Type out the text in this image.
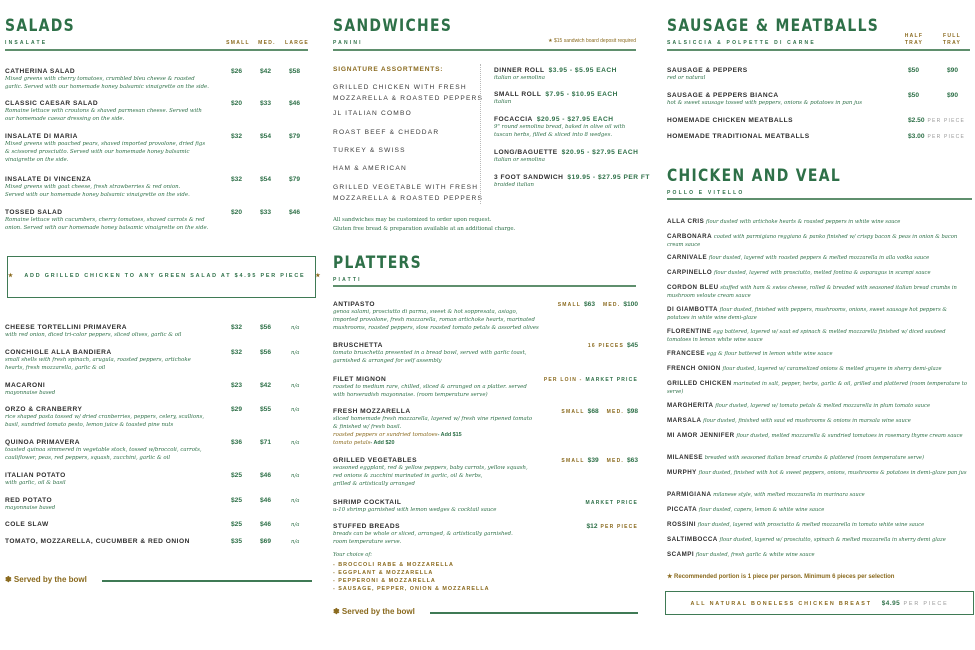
SALADS
INSALATE	SMALL MED. LARGE
CATHERINA SALAD
Mixed greens with cherry tomatoes, crumbled bleu cheese & roasted
garlic. Served with our homemade honey balsamic vinaigrette on the side.
$26	$42	$58
CLASSIC CAESAR SALAD
Romaine lettuce with croutons & shaved parmesan cheese. Served with
our homemade caesar dressing on the side.
$20	$33	$46
INSALATE DI MARIA
Mixed greens with poached pears, shaved imported provolone, dried figs
& scissored prosciutto. Served with our homemade honey balsamic
vinaigrette on the side.
$32	$54	$79
INSALATE DI VINCENZA
Mixed greens with goat cheese, fresh strawberries & red onion.
Served with our homemade honey balsamic vinaigrette on the side.
$32	$54	$79
TOSSED SALAD
Romaine lettuce with cucumbers, cherry tomatoes, shaved carrots & red
onion. Served with our homemade honey balsamic vinaigrette on the side.
$20	$33	$46
★ ADD GRILLED CHICKEN TO ANY GREEN SALAD AT $4.95 PER PIECE ★
CHEESE TORTELLINI PRIMAVERA
with red onion, diced tri-color peppers, sliced olives, garlic & oil
$32	$56	n/a
CONCHIGLE ALLA BANDIERA
small shells with fresh spinach, arugula, roasted peppers, artichoke
hearts, fresh mozzarella, garlic & oil
$32	$56	n/a
MACARONI
mayonnaise based
$23	$42	n/a
ORZO & CRANBERRY
rice shaped pasta tossed w/ dried cranberries, peppers, celery, scallions,
basil, sundried tomato pesto, lemon juice & toasted pine nuts
$29	$55	n/a
QUINOA PRIMAVERA
toasted quinoa simmered in vegetable stock, tossed w/broccoli, carrots,
cauliflower, peas, red peppers, squash, zucchini, garlic & oil
$36	$71	n/a
ITALIAN POTATO
with garlic, oil & basil
$25	$46	n/a
RED POTATO
mayonnaise based
$25	$46	n/a
COLE SLAW	$25	$46	n/a
TOMATO, MOZZARELLA, CUCUMBER & RED ONION	$35	$69	n/a
✽ Served by the bowl
SANDWICHES
PANINI	★ $15 sandwich board deposit required
SIGNATURE ASSORTMENTS:
GRILLED CHICKEN WITH FRESH
MOZZARELLA & ROASTED PEPPERS
JL ITALIAN COMBO
ROAST BEEF & CHEDDAR
TURKEY & SWISS
HAM & AMERICAN
GRILLED VEGETABLE WITH FRESH
MOZZARELLA & ROASTED PEPPERS
DINNER ROLL $3.95 - $5.95 EACH
italian or semolina
SMALL ROLL $7.95 - $10.95 EACH
italian
FOCACCIA $20.95 - $27.95 EACH
9" round semolina bread, baked in olive oil with
tuscan herbs, filled & sliced into 8 wedges.
LONG/BAGUETTE $20.95 - $27.95 EACH
italian or semolina
3 FOOT SANDWICH $19.95 - $27.95 PER FT
braided italian
All sandwiches may be customized to order upon request.
Gluten free bread & preparation available at an additional charge.
PLATTERS
PIATTI
ANTIPASTO
genoa salami, prosciutto di parma, sweet & hot soppresata, asiago,
imported provolone, fresh mozzarella, roman artichoke hearts, marinated
mushrooms, roasted peppers, slow roasted tomato petals & assorted olives
SMALL $63 MED. $100
BRUSCHETTA
tomato bruschetta presented in a bread bowl, served with garlic toast,
garnished & arranged for self assembly
16 PIECES $45
FILET MIGNON
roasted to medium rare, chilled, sliced & arranged on a platter. served
with horseradish mayonnaise. (room temperature serve)
PER LOIN - MARKET PRICE
FRESH MOZZARELLA
sliced homemade fresh mozzarella, layered w/ fresh vine ripened tomato
& finished w/ fresh basil.
roasted peppers or sundried tomatoes- Add $15
tomato petals- Add $20
SMALL $68 MED. $98
GRILLED VEGETABLES
seasoned eggplant, red & yellow peppers, baby carrots, yellow squash,
red onions & zucchini marinated in garlic, oil & herbs,
grilled & artistically arranged
SMALL $39 MED. $63
SHRIMP COCKTAIL
u-10 shrimp garnished with lemon wedges & cocktail sauce
MARKET PRICE
STUFFED BREADS
breads can be whole or sliced, arranged, & artistically garnished.
room temperature serve.
$12 PER PIECE
Your choice of:
- BROCCOLI RABE & MOZZARELLA
- EGGPLANT & MOZZARELLA
- PEPPERONI & MOZZARELLA
- SAUSAGE, PEPPER, ONION & MOZZARELLA
✽ Served by the bowl
SAUSAGE & MEATBALLS
SALSICCIA & POLPETTE DI CARNE
HALF
TRAY
FULL
TRAY
SAUSAGE & PEPPERS
red or natural
$50	$90
SAUSAGE & PEPPERS BIANCA
hot & sweet sausage tossed with peppers, onions & potatoes in pan jus
$50	$90
HOMEMADE CHICKEN MEATBALLS	$2.50 PER PIECE
HOMEMADE TRADITIONAL MEATBALLS	$3.00 PER PIECE
CHICKEN AND VEAL
POLLO E VITELLO
ALLA CRIS flour dusted with artichoke hearts & roasted peppers in white wine sauce
CARBONARA coated with parmigiano reggiano & panko finished w/ crispy bacon & peas in onion & bacon cream sauce
CARNIVALE flour dusted, layered with roasted peppers & melted mozzarella in alla vodka sauce
CARPINELLO flour dusted, layered with prosciutto, melted fontina & asparagus in scampi sauce
CORDON BLEU stuffed with ham & swiss cheese, rolled & breaded with seasoned italian bread crumbs in mushroom veloute cream sauce
DI GIAMBOTTA flour dusted, finished with peppers, mushrooms, onions, sweet sausage hot peppers & potatoes in white wine demi-glaze
FLORENTINE egg battered, layered w/ saut ed spinach & melted mozzarella finished w/ diced sauteed tomatoes in lemon white wine sauce
FRANCESE egg & flour battered in lemon white wine sauce
FRENCH ONION flour dusted, layered w/ caramelized onions & melted gruyere in sherry demi-glaze
GRILLED CHICKEN marinated in salt, pepper, herbs, garlic & oil, grilled and plattered (room temperature to serve)
MARGHERITA flour dusted, layered w/ tomato petals & melted mozzarella in plum tomato sauce
MARSALA flour dusted, finished with saut ed mushrooms & onions in marsala wine sauce
MI AMOR JENNIFER flour dusted, melted mozzarella & sundried tomatoes in rosemary thyme cream sauce
MILANESE breaded with seasoned italian bread crumbs & plattered (room temperature serve)
MURPHY flour dusted, finished with hot & sweet peppers, onions, mushrooms & potatoes in demi-glaze pan jus
PARMIGIANA milanese style, with melted mozzarella in marinara sauce
PICCATA flour dusted, capers, lemon & white wine sauce
ROSSINI flour dusted, layered with prosciutto & melted mozzarella in tomato white wine sauce
SALTIMBOCCA flour dusted, layered w/ prosciutto, spinach & melted mozzarella in sherry demi glaze
SCAMPI flour dusted, fresh garlic & white wine sauce
★ Recommended portion is 1 piece per person. Minimum 6 pieces per selection
ALL NATURAL BONELESS CHICKEN BREAST $4.95 PER PIECE
